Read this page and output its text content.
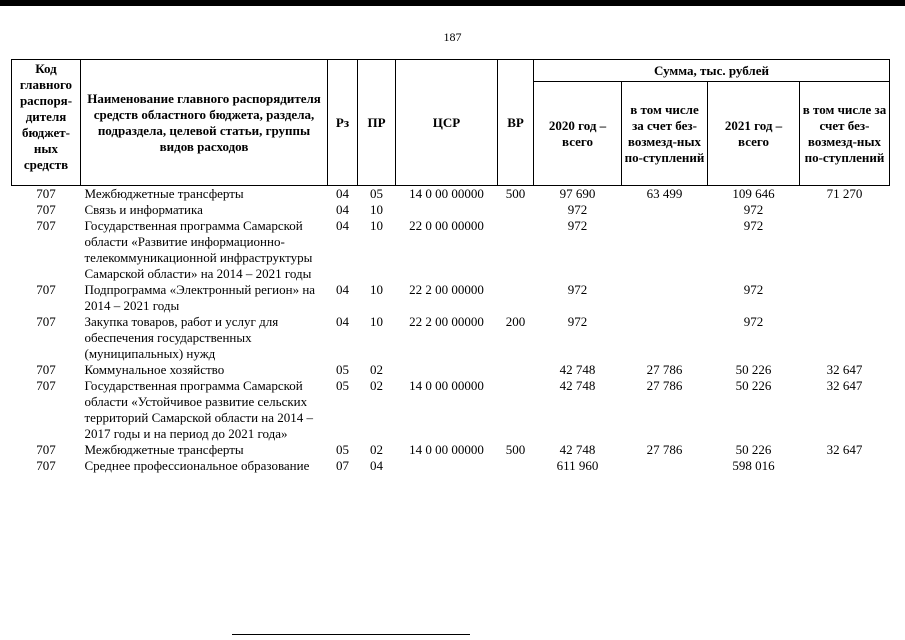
187
Код главного распоря-дителя бюджет-ных средств	Наименование главного распорядителя средств областного бюджета, раздела, подраздела, целевой статьи, группы видов расходов	Рз	ПР	ЦСР	ВР	Сумма, тыс. рублей			
						2020 год – всего	в том числе за счет без-возмезд-ных по-ступлений	2021 год – всего	в том числе за счет без-возмезд-ных по-ступлений
707	Межбюджетные трансферты	04	05	14 0 00 00000	500	97 690	63 499	109 646	71 270
707	Связь и информатика	04	10			972		972	
707	Государственная программа Самарской области «Развитие информационно-телекоммуникационной инфраструктуры Самарской области» на 2014 – 2021 годы	04	10	22 0 00 00000		972		972	
707	Подпрограмма «Электронный регион» на 2014 – 2021 годы	04	10	22 2 00 00000		972		972	
707	Закупка товаров, работ и услуг для обеспечения государственных (муниципальных) нужд	04	10	22 2 00 00000	200	972		972	
707	Коммунальное хозяйство	05	02			42 748	27 786	50 226	32 647
707	Государственная программа Самарской области «Устойчивое развитие сельских территорий Самарской области на 2014 – 2017 годы и на период до 2021 года»	05	02	14 0 00 00000		42 748	27 786	50 226	32 647
707	Межбюджетные трансферты	05	02	14 0 00 00000	500	42 748	27 786	50 226	32 647
707	Среднее профессиональное образование	07	04			611 960		598 016	
